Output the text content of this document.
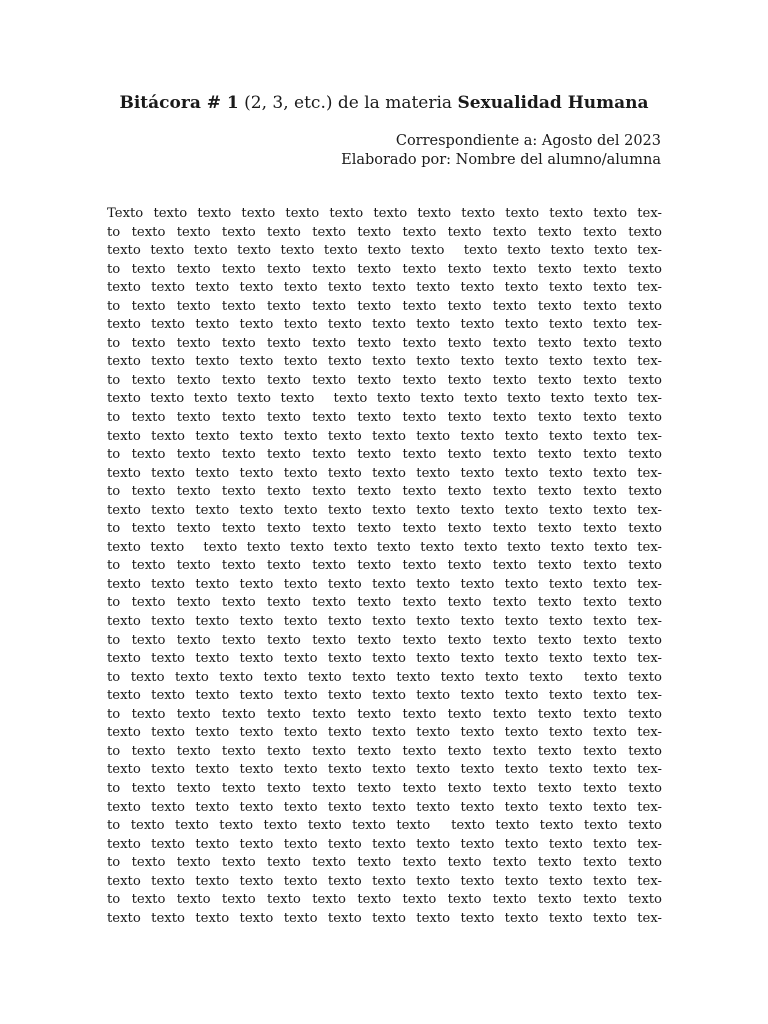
Bitácora # 1 (2, 3, etc.) de la materia Sexualidad Humana
Correspondiente a: Agosto del 2023
Elaborado por: Nombre del alumno/alumna
Texto texto texto texto texto texto texto texto texto texto texto texto tex-
to texto texto texto texto texto texto texto texto texto texto texto texto
texto texto texto texto texto texto texto texto  texto texto texto texto tex-
to texto texto texto texto texto texto texto texto texto texto texto texto
texto texto texto texto texto texto texto texto texto texto texto texto tex-
to texto texto texto texto texto texto texto texto texto texto texto texto
texto texto texto texto texto texto texto texto texto texto texto texto tex-
to texto texto texto texto texto texto texto texto texto texto texto texto
texto texto texto texto texto texto texto texto texto texto texto texto tex-
to texto texto texto texto texto texto texto texto texto texto texto texto
texto texto texto texto texto  texto texto texto texto texto texto texto tex-
to texto texto texto texto texto texto texto texto texto texto texto texto
texto texto texto texto texto texto texto texto texto texto texto texto tex-
to texto texto texto texto texto texto texto texto texto texto texto texto
texto texto texto texto texto texto texto texto texto texto texto texto tex-
to texto texto texto texto texto texto texto texto texto texto texto texto
texto texto texto texto texto texto texto texto texto texto texto texto tex-
to texto texto texto texto texto texto texto texto texto texto texto texto
texto texto  texto texto texto texto texto texto texto texto texto texto tex-
to texto texto texto texto texto texto texto texto texto texto texto texto
texto texto texto texto texto texto texto texto texto texto texto texto tex-
to texto texto texto texto texto texto texto texto texto texto texto texto
texto texto texto texto texto texto texto texto texto texto texto texto tex-
to texto texto texto texto texto texto texto texto texto texto texto texto
texto texto texto texto texto texto texto texto texto texto texto texto tex-
to texto texto texto texto texto texto texto texto texto texto  texto texto
texto texto texto texto texto texto texto texto texto texto texto texto tex-
to texto texto texto texto texto texto texto texto texto texto texto texto
texto texto texto texto texto texto texto texto texto texto texto texto tex-
to texto texto texto texto texto texto texto texto texto texto texto texto
texto texto texto texto texto texto texto texto texto texto texto texto tex-
to texto texto texto texto texto texto texto texto texto texto texto texto
texto texto texto texto texto texto texto texto texto texto texto texto tex-
to texto texto texto texto texto texto texto  texto texto texto texto texto
texto texto texto texto texto texto texto texto texto texto texto texto tex-
to texto texto texto texto texto texto texto texto texto texto texto texto
texto texto texto texto texto texto texto texto texto texto texto texto tex-
to texto texto texto texto texto texto texto texto texto texto texto texto
texto texto texto texto texto texto texto texto texto texto texto texto tex-
